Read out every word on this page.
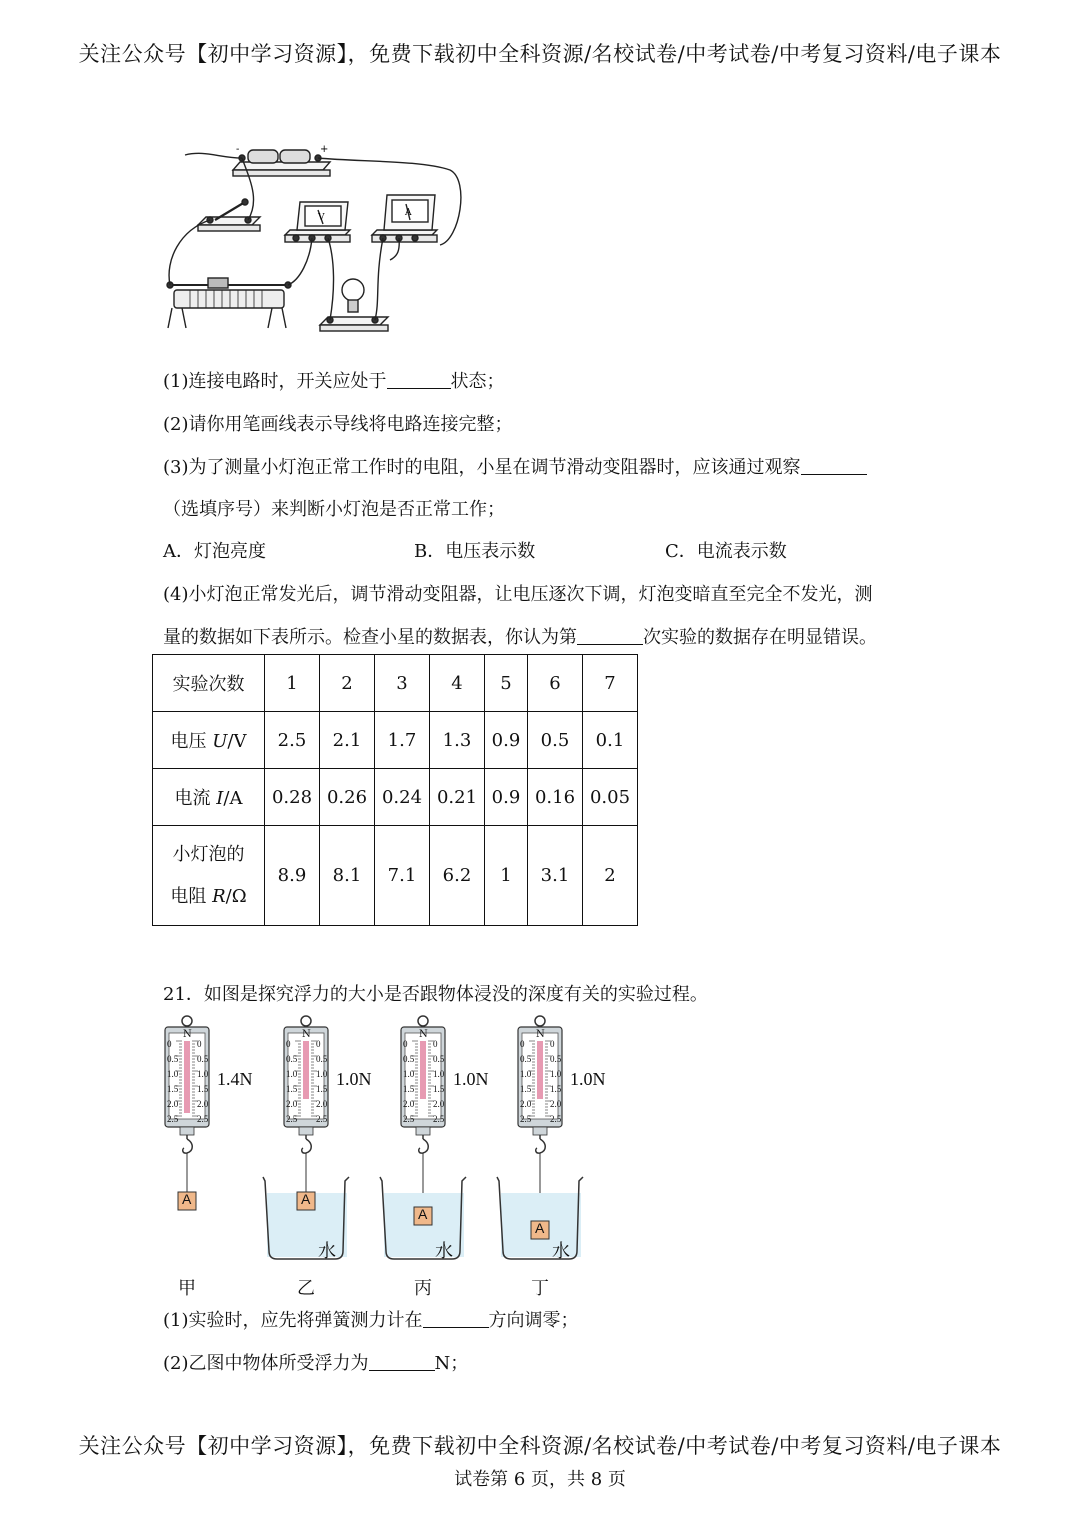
关注公众号【初中学习资源】，免费下载初中全科资源/名校试卷/中考试卷/中考复习资料/电子课本
-	+
V	A
(1)连接电路时，开关应处于	状态；
(2)请你用笔画线表示导线将电路连接完整；
(3)为了测量小灯泡正常工作时的电阻，小星在调节滑动变阻器时，应该通过观察
（选填序号）来判断小灯泡是否正常工作；
A．灯泡亮度	B．电压表示数	C．电流表示数
(4)小灯泡正常发光后，调节滑动变阻器，让电压逐次下调，灯泡变暗直至完全不发光，测
量的数据如下表所示。检查小星的数据表，你认为第	次实验的数据存在明显错误。
实验次数	1	2	3	4	5	6	7
电压 U/V	2.5	2.1	1.7	1.3	0.9	0.5	0.1
电流 I/A	0.28	0.26	0.24	0.21	0.9	0.16	0.05
小灯泡的
电阻 R/Ω	8.9	8.1	7.1	6.2	1	3.1	2
21．如图是探究浮力的大小是否跟物体浸没的深度有关的实验过程。
0	0
0.5 0.5
1.0 1.0
1.5 1.5
2.0 2.0
2.5 2.5
N
A
1.4N
甲
0	0
0.5 0.5
1.0 1.0
1.5 1.5
2.0 2.0
2.5 2.5
N
A
水
1.0N
乙
0	0
0.5 0.5
1.0 1.0
1.5 1.5
2.0 2.0
2.5 2.5
N
A
水
1.0N
丙
0	0
0.5 0.5
1.0 1.0
1.5 1.5
2.0 2.0
2.5 2.5
N
A
水
1.0N
丁
(1)实验时，应先将弹簧测力计在	方向调零；
(2)乙图中物体所受浮力为	N；
关注公众号【初中学习资源】，免费下载初中全科资源/名校试卷/中考试卷/中考复习资料/电子课本
试卷第 6 页，共 8 页
